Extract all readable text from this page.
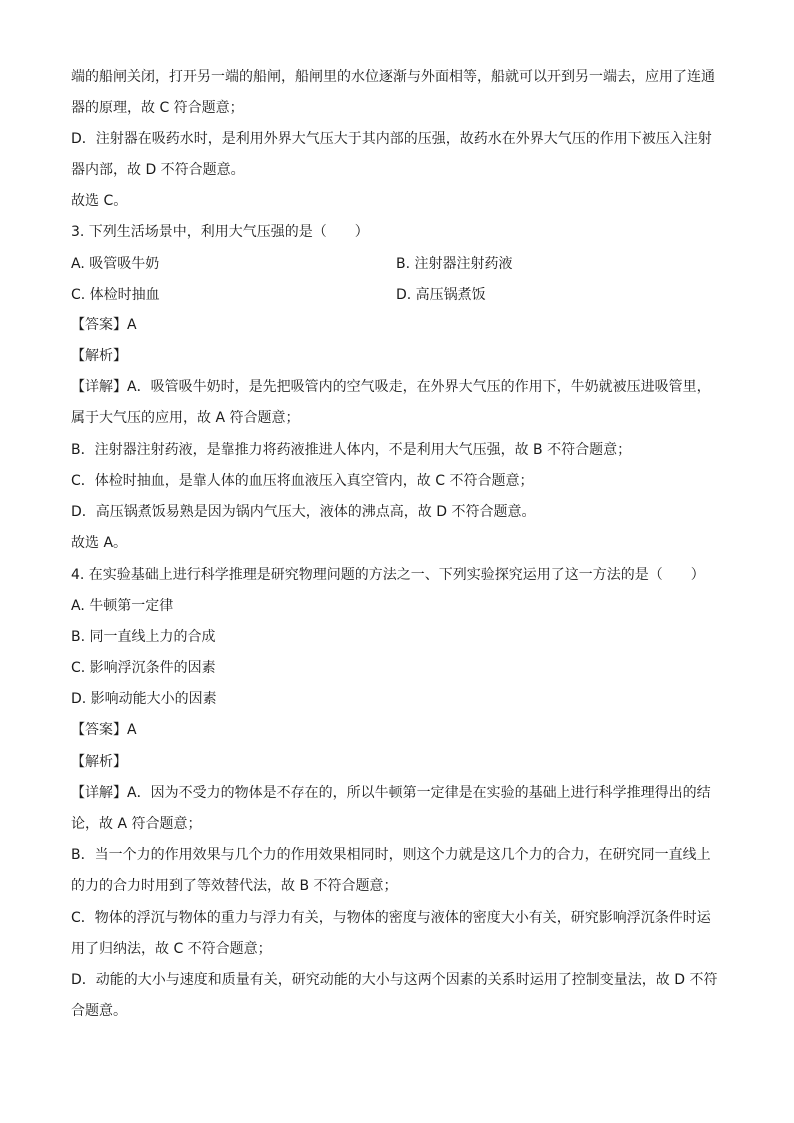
端的船闸关闭，打开另一端的船闸，船闸里的水位逐渐与外面相等，船就可以开到另一端去，应用了连通
器的原理，故 C 符合题意；
D．注射器在吸药水时，是利用外界大气压大于其内部的压强，故药水在外界大气压的作用下被压入注射
器内部，故 D 不符合题意。
故选 C。
3. 下列生活场景中，利用大气压强的是（　　）
A. 吸管吸牛奶	B. 注射器注射药液
C. 体检时抽血	D. 高压锅煮饭
【答案】A
【解析】
【详解】A．吸管吸牛奶时，是先把吸管内的空气吸走，在外界大气压的作用下，牛奶就被压进吸管里，
属于大气压的应用，故 A 符合题意；
B．注射器注射药液，是靠推力将药液推进人体内，不是利用大气压强，故 B 不符合题意；
C．体检时抽血，是靠人体的血压将血液压入真空管内，故 C 不符合题意；
D．高压锅煮饭易熟是因为锅内气压大，液体的沸点高，故 D 不符合题意。
故选 A。
4. 在实验基础上进行科学推理是研究物理问题的方法之一、下列实验探究运用了这一方法的是（　　）
A. 牛顿第一定律
B. 同一直线上力的合成
C. 影响浮沉条件的因素
D. 影响动能大小的因素
【答案】A
【解析】
【详解】A．因为不受力的物体是不存在的，所以牛顿第一定律是在实验的基础上进行科学推理得出的结
论，故 A 符合题意；
B．当一个力的作用效果与几个力的作用效果相同时，则这个力就是这几个力的合力，在研究同一直线上
的力的合力时用到了等效替代法，故 B 不符合题意；
C．物体的浮沉与物体的重力与浮力有关，与物体的密度与液体的密度大小有关，研究影响浮沉条件时运
用了归纳法，故 C 不符合题意；
D．动能的大小与速度和质量有关，研究动能的大小与这两个因素的关系时运用了控制变量法，故 D 不符
合题意。
